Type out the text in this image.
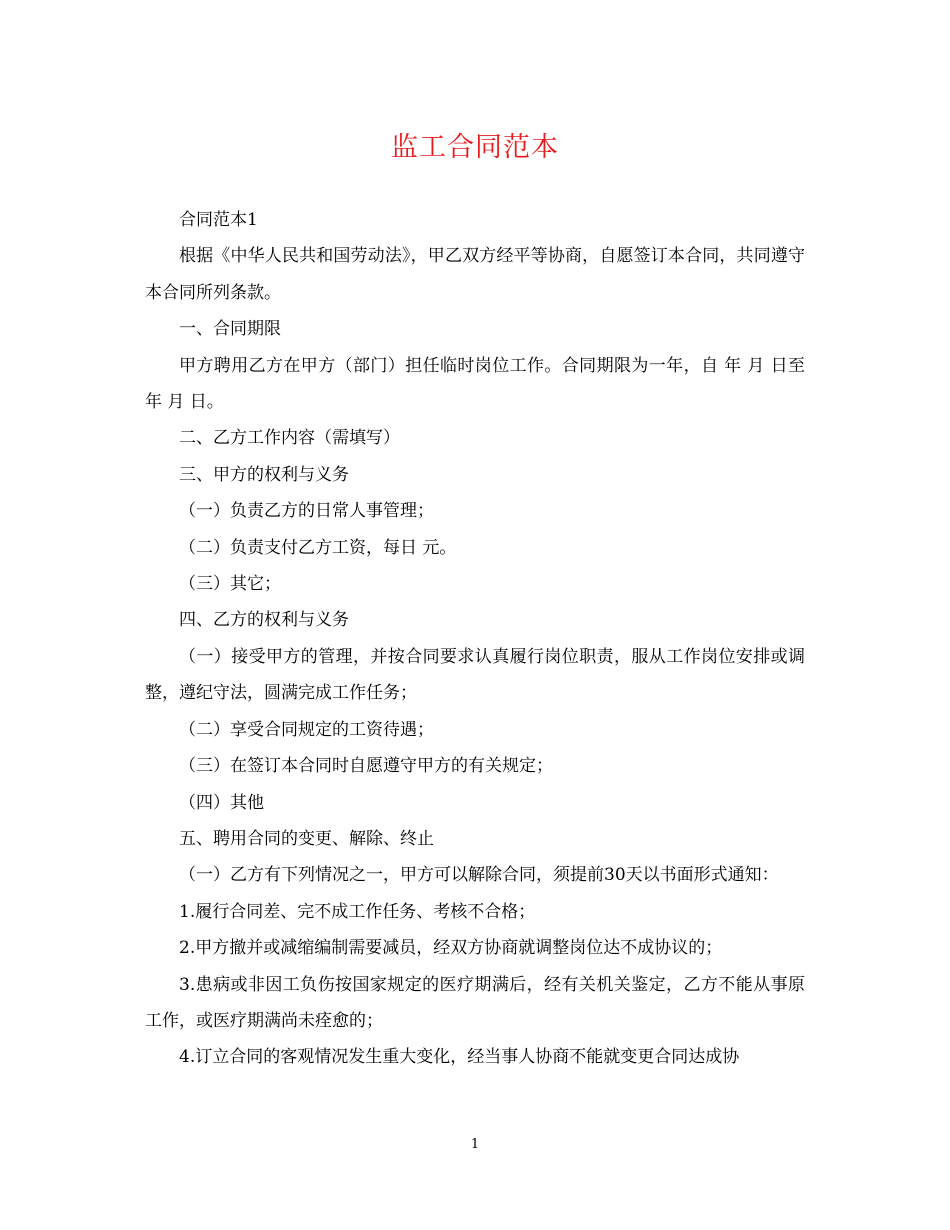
监工合同范本

合同范本1

根据《中华人民共和国劳动法》，甲乙双方经平等协商，自愿签订本合同，共同遵守本合同所列条款。

一、合同期限

甲方聘用乙方在甲方（部门）担任临时岗位工作。合同期限为一年，自 年 月 日至 年 月 日。

二、乙方工作内容（需填写）

三、甲方的权利与义务

（一）负责乙方的日常人事管理；

（二）负责支付乙方工资，每日 元。

（三）其它；

四、乙方的权利与义务

（一）接受甲方的管理，并按合同要求认真履行岗位职责，服从工作岗位安排或调整，遵纪守法，圆满完成工作任务；

（二）享受合同规定的工资待遇；

（三）在签订本合同时自愿遵守甲方的有关规定；

（四）其他

五、聘用合同的变更、解除、终止

（一）乙方有下列情况之一，甲方可以解除合同，须提前30天以书面形式通知：

1.履行合同差、完不成工作任务、考核不合格；

2.甲方撤并或减缩编制需要减员，经双方协商就调整岗位达不成协议的；

3.患病或非因工负伤按国家规定的医疗期满后，经有关机关鉴定，乙方不能从事原工作，或医疗期满尚未痊愈的；

4.订立合同的客观情况发生重大变化，经当事人协商不能就变更合同达成协

1
